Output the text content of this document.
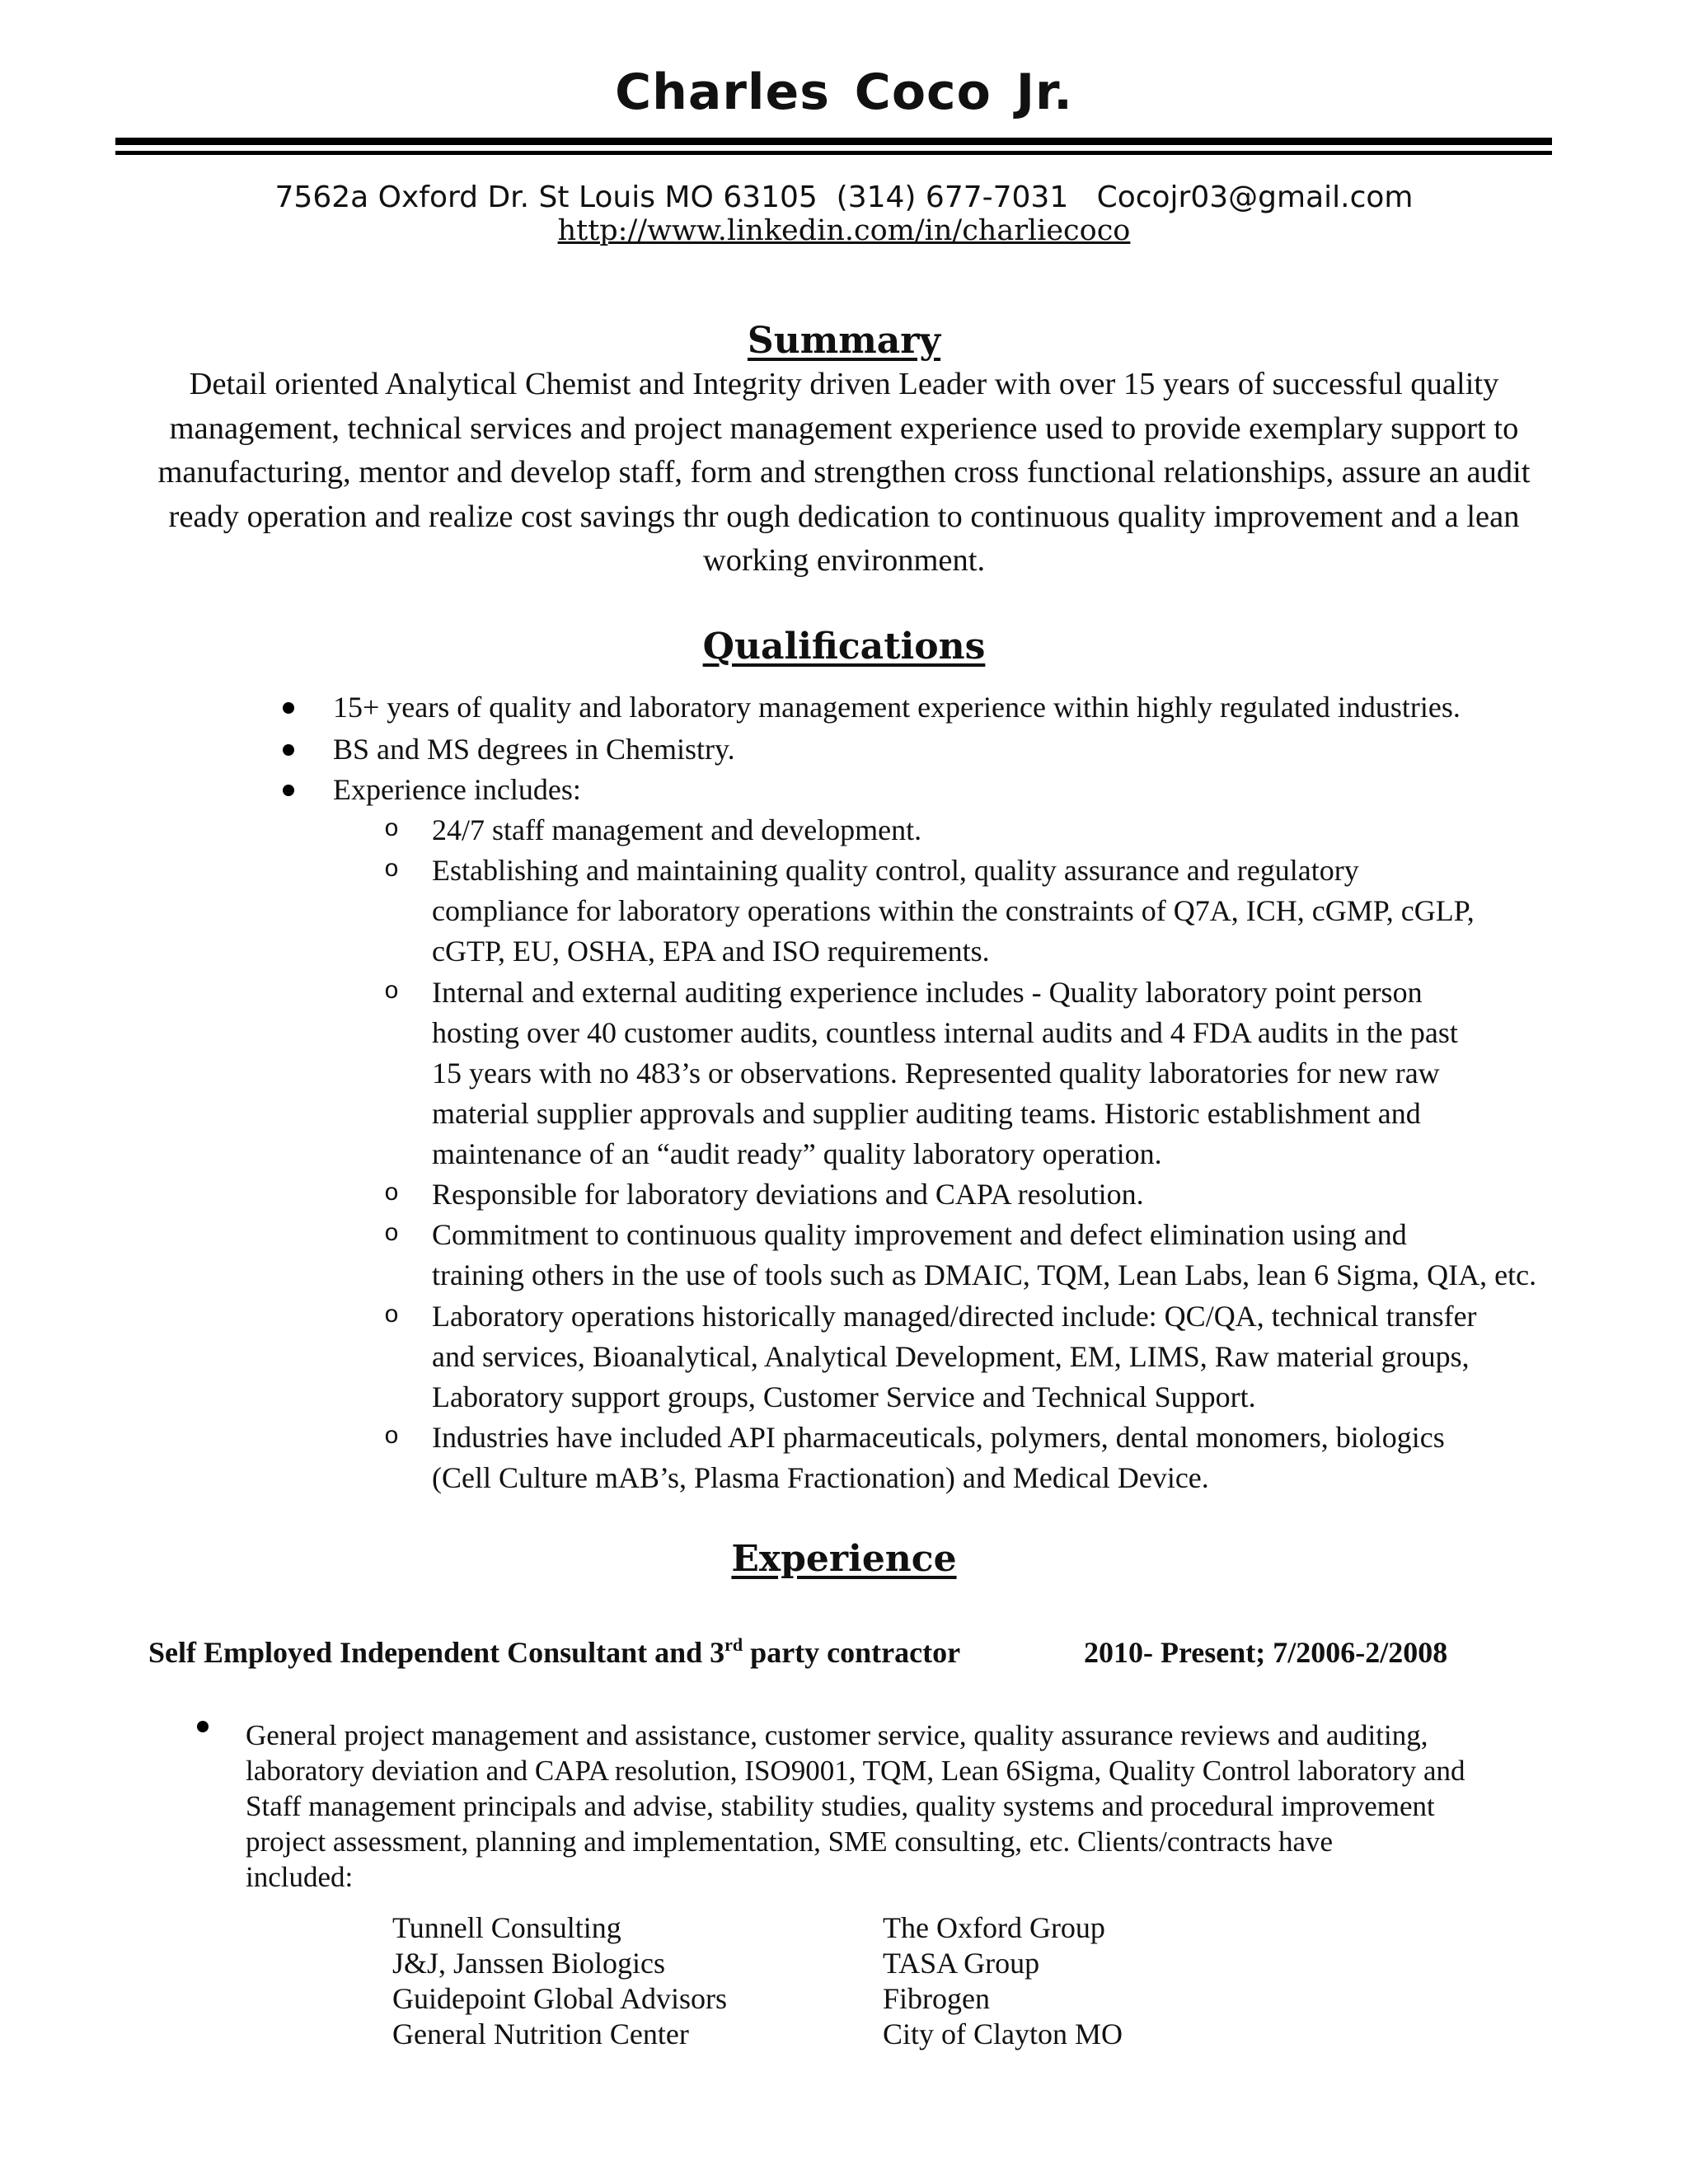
Charles Coco Jr.
7562a Oxford Dr. St Louis MO 63105  (314) 677-7031   Cocojr03@gmail.com
http://www.linkedin.com/in/charliecoco
Summary
Detail oriented Analytical Chemist and Integrity driven Leader with over 15 years of successful quality management, technical services and project management experience used to provide exemplary support to manufacturing, mentor and develop staff, form and strengthen cross functional relationships, assure an audit ready operation and realize cost savings thr ough dedication to continuous quality improvement and a lean working environment.
Qualifications
15+ years of quality and laboratory management experience within highly regulated industries.
BS and MS degrees in Chemistry.
Experience includes:
o 24/7 staff management and development.
o Establishing and maintaining quality control, quality assurance and regulatory
compliance for laboratory operations within the constraints of Q7A, ICH, cGMP, cGLP,
cGTP, EU, OSHA, EPA and ISO requirements.
o Internal and external auditing experience includes - Quality laboratory point person
hosting over 40 customer audits, countless internal audits and 4 FDA audits in the past
15 years with no 483’s or observations. Represented quality laboratories for new raw
material supplier approvals and supplier auditing teams. Historic establishment and
maintenance of an “audit ready” quality laboratory operation.
o Responsible for laboratory deviations and CAPA resolution.
o Commitment to continuous quality improvement and defect elimination using and
training others in the use of tools such as DMAIC, TQM, Lean Labs, lean 6 Sigma, QIA, etc.
o Laboratory operations historically managed/directed include: QC/QA, technical transfer
and services, Bioanalytical, Analytical Development, EM, LIMS, Raw material groups,
Laboratory support groups, Customer Service and Technical Support.
o Industries have included API pharmaceuticals, polymers, dental monomers, biologics
(Cell Culture mAB’s, Plasma Fractionation) and Medical Device.
Experience
Self Employed Independent Consultant and 3rd party contractor	2010- Present; 7/2006-2/2008
General project management and assistance, customer service, quality assurance reviews and auditing,
laboratory deviation and CAPA resolution, ISO9001, TQM, Lean 6Sigma, Quality Control laboratory and
Staff management principals and advise, stability studies, quality systems and procedural improvement
project assessment, planning and implementation, SME consulting, etc. Clients/contracts have
included:
Tunnell Consulting
J&J, Janssen Biologics
Guidepoint Global Advisors
General Nutrition Center
The Oxford Group
TASA Group
Fibrogen
City of Clayton MO
